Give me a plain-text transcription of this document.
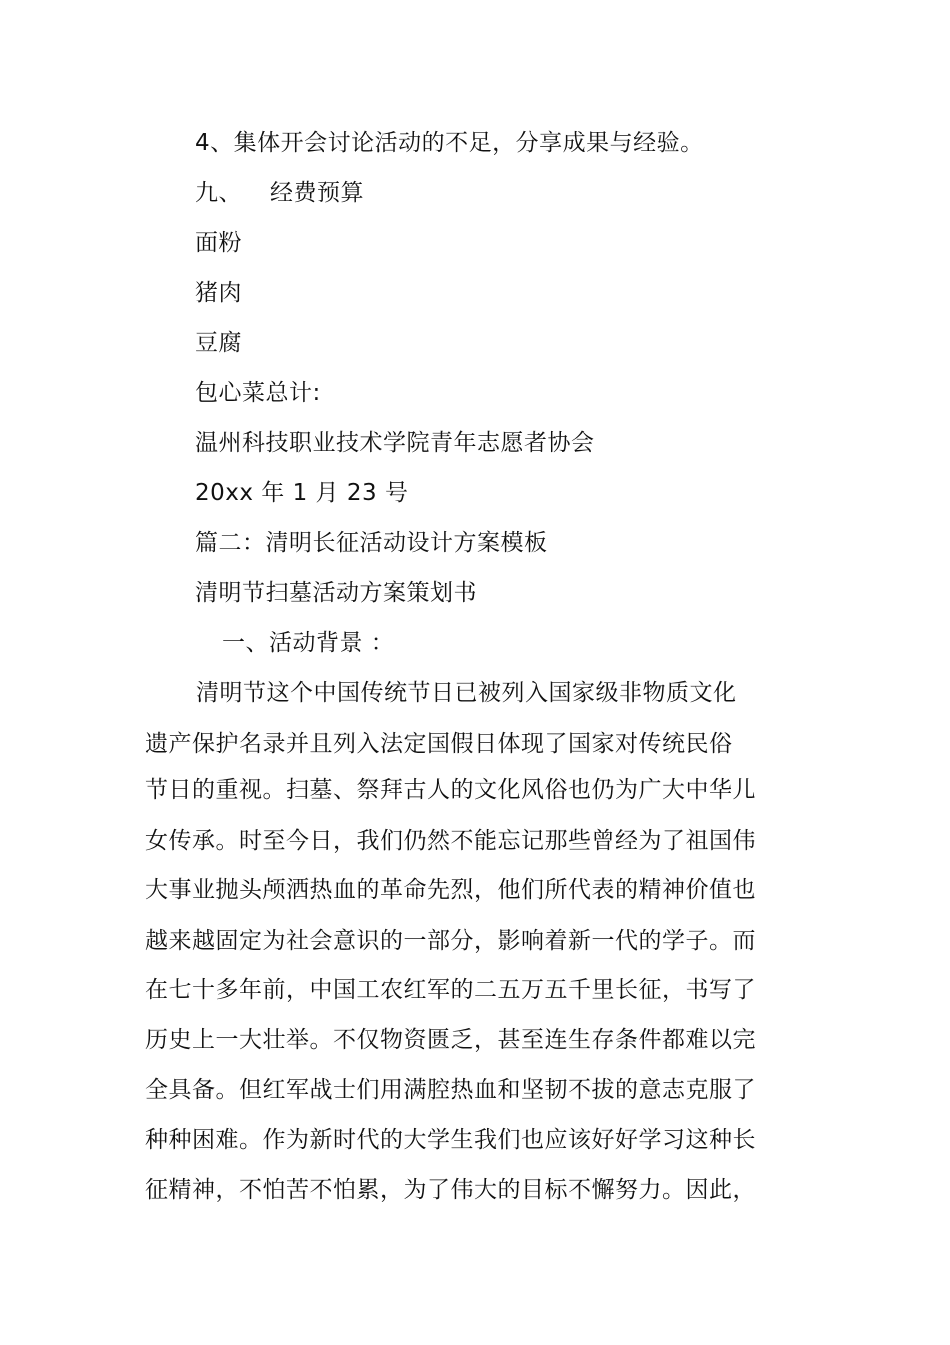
4、集体开会讨论活动的不足，分享成果与经验。
九、 经费预算
面粉
猪肉
豆腐
包心菜总计:
温州科技职业技术学院青年志愿者协会
20xx 年 1 月 23 号
篇二：清明长征活动设计方案模板
清明节扫墓活动方案策划书
一、活动背景 ：
清明节这个中国传统节日已被列入国家级非物质文化
遗产保护名录并且列入法定国假日体现了国家对传统民俗
节日的重视。扫墓、祭拜古人的文化风俗也仍为广大中华儿
女传承。时至今日，我们仍然不能忘记那些曾经为了祖国伟
大事业抛头颅洒热血的革命先烈，他们所代表的精神价值也
越来越固定为社会意识的一部分，影响着新一代的学子。而
在七十多年前，中国工农红军的二五万五千里长征，书写了
历史上一大壮举。不仅物资匮乏，甚至连生存条件都难以完
全具备。但红军战士们用满腔热血和坚韧不拔的意志克服了
种种困难。作为新时代的大学生我们也应该好好学习这种长
征精神，不怕苦不怕累，为了伟大的目标不懈努力。因此，
